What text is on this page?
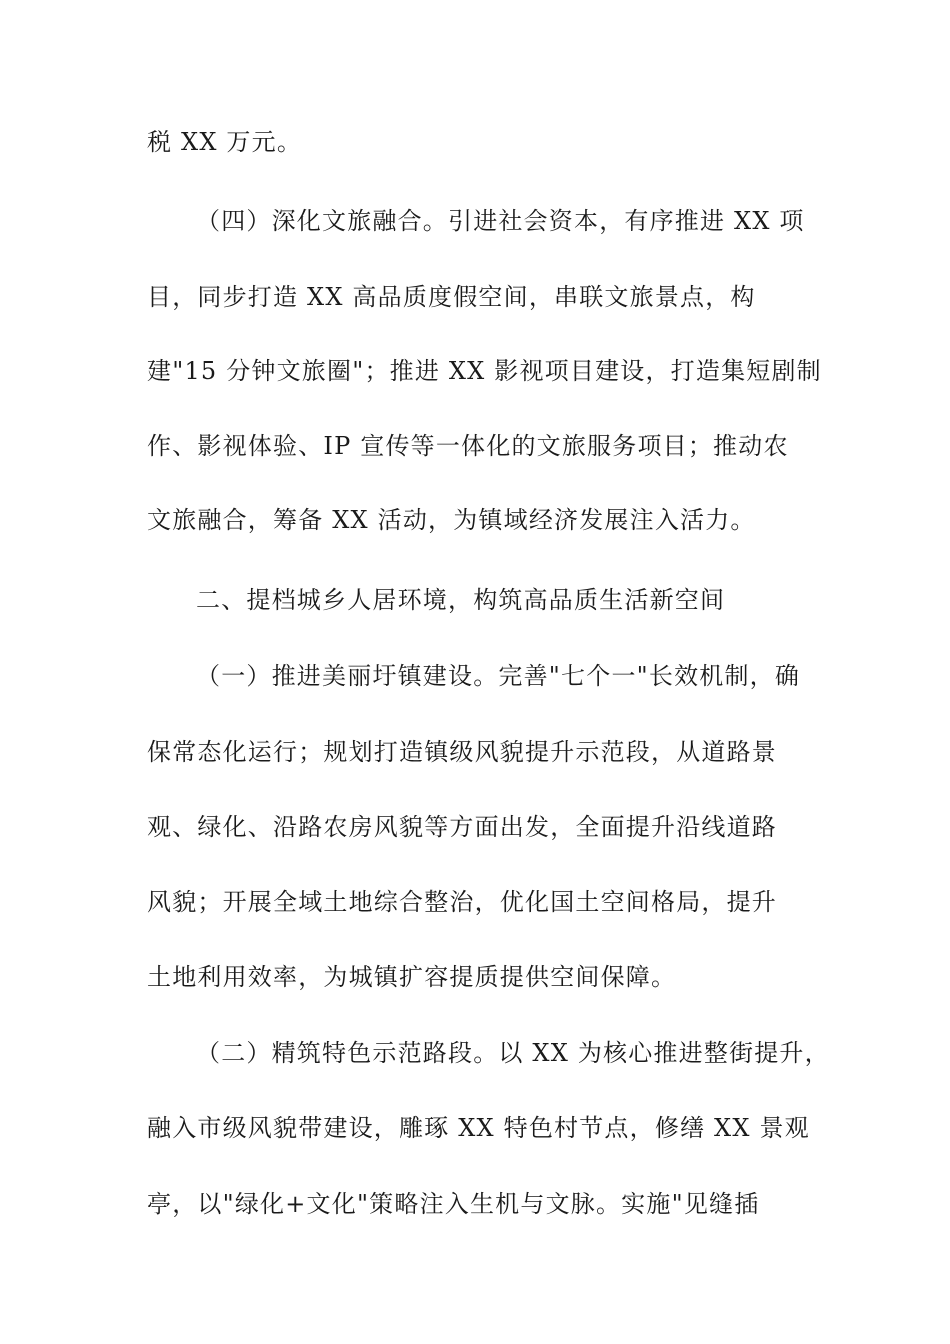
税 XX 万元。
（四）深化文旅融合。引进社会资本，有序推进 XX 项
目，同步打造 XX 高品质度假空间，串联文旅景点，构
建"15 分钟文旅圈"；推进 XX 影视项目建设，打造集短剧制
作、影视体验、IP 宣传等一体化的文旅服务项目；推动农
文旅融合，筹备 XX 活动，为镇域经济发展注入活力。
二、提档城乡人居环境，构筑高品质生活新空间
（一）推进美丽圩镇建设。完善"七个一"长效机制，确
保常态化运行；规划打造镇级风貌提升示范段，从道路景
观、绿化、沿路农房风貌等方面出发，全面提升沿线道路
风貌；开展全域土地综合整治，优化国土空间格局，提升
土地利用效率，为城镇扩容提质提供空间保障。
（二）精筑特色示范路段。以 XX 为核心推进整街提升，
融入市级风貌带建设，雕琢 XX 特色村节点，修缮 XX 景观
亭，以"绿化+文化"策略注入生机与文脉。实施"见缝插
